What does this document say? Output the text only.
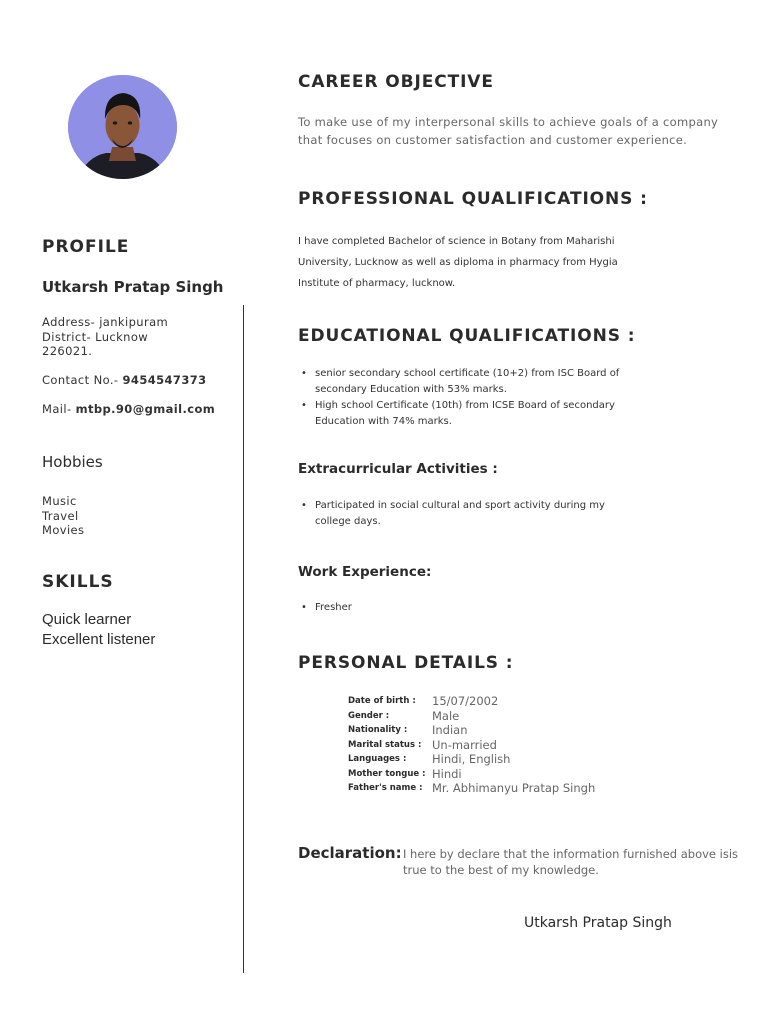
PROFILE
Utkarsh Pratap Singh
Address- jankipuram
District- Lucknow
226021.
Contact No.- 9454547373
Mail- mtbp.90@gmail.com
Hobbies
Music
Travel
Movies
SKILLS
Quick learner
Excellent listener
CAREER OBJECTIVE
To make use of my interpersonal skills to achieve goals of a company that focuses on customer satisfaction and customer experience.
PROFESSIONAL QUALIFICATIONS :
I have completed Bachelor of science in Botany from Maharishi University, Lucknow as well as diploma in pharmacy from Hygia Institute of pharmacy, lucknow.
EDUCATIONAL QUALIFICATIONS :
• senior secondary school certificate (10+2) from ISC Board of secondary Education with 53% marks.
• High school Certificate (10th) from ICSE Board of secondary Education with 74% marks.
Extracurricular Activities :
• Participated in social cultural and sport activity during my college days.
Work Experience:
• Fresher
PERSONAL DETAILS :
Date of birth :	15/07/2002
Gender :	Male
Nationality :	Indian
Marital status : Un-married
Languages :	Hindi, English
Mother tongue : Hindi
Father's name : Mr. Abhimanyu Pratap Singh
Declaration: I here by declare that the information furnished above isis true to the best of my knowledge.
Utkarsh Pratap Singh
